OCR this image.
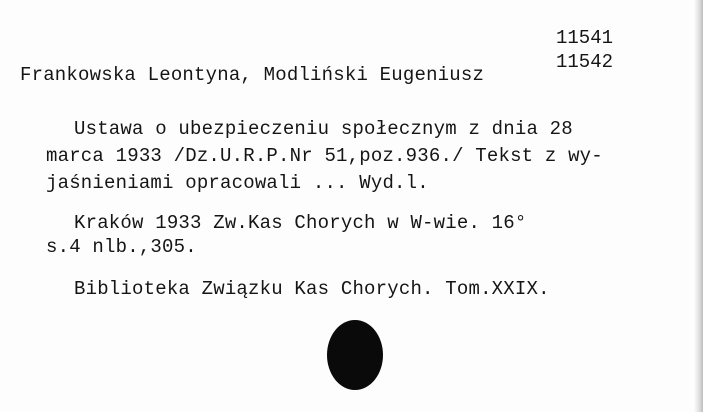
11541
11542
Frankowska Leontyna, Modliński Eugeniusz
Ustawa o ubezpieczeniu społecznym z dnia 28
marca 1933 /Dz.U.R.P.Nr 51,poz.936./ Tekst z wy-
jaśnieniami opracowali ... Wyd.l.
Kraków 1933 Zw.Kas Chorych w W-wie. 16°
s.4 nlb.,305.
Biblioteka Związku Kas Chorych. Tom.XXIX.
